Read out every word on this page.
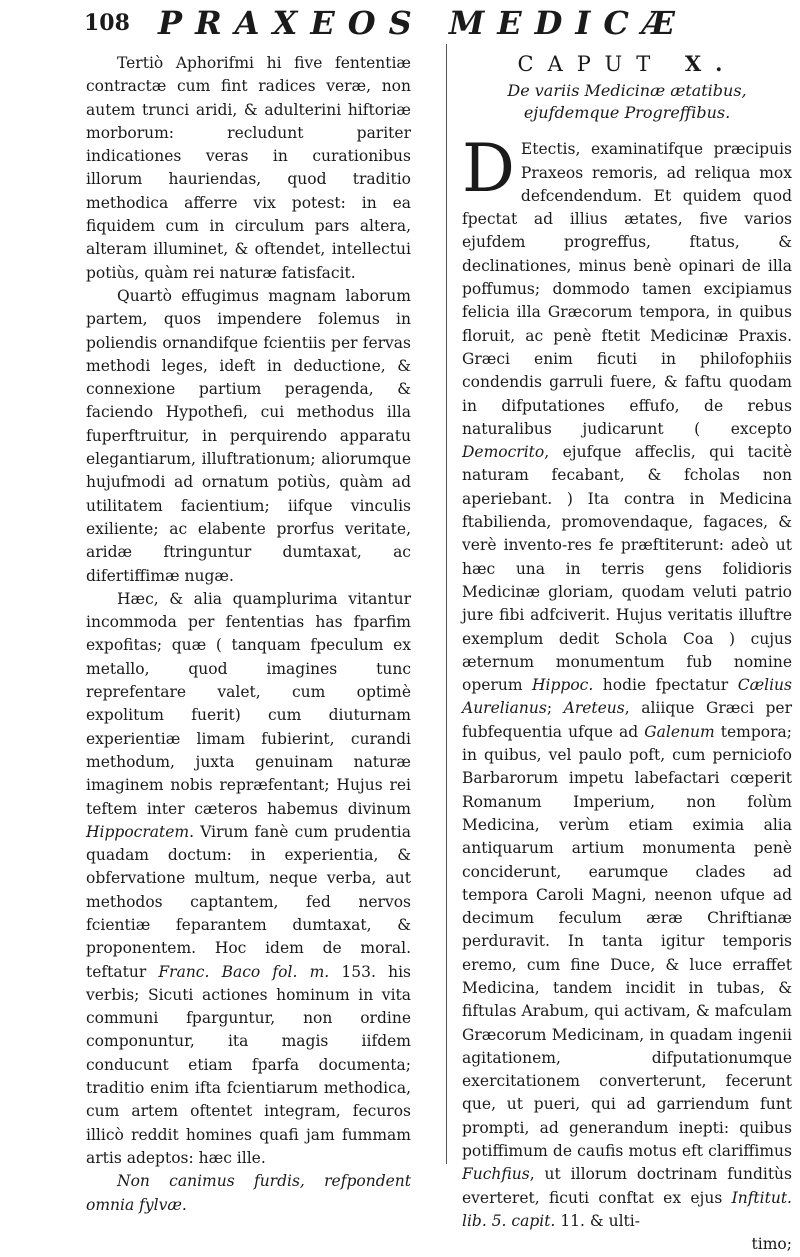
108 PRAXEOS MEDICÆ

Tertiò Aphorifmi hi five fententiæ contractæ cum fint radices veræ, non autem trunci aridi, & adulterini hiftoriæ morborum: recludunt pariter indicationes veras in curationibus illorum hauriendas, quod traditio methodica afferre vix potest: in ea fiquidem cum in circulum pars altera, alteram illuminet, & oftendet, intellectui potiùs, quàm rei naturæ fatisfacit.

Quartò effugimus magnam laborum partem, quos impendere folemus in poliendis ornandifque fcientiis per fervas methodi leges, ideft in deductione, & connexione partium peragenda, & faciendo Hypothefi, cui methodus illa fuperftruitur, in perquirendo apparatu elegantiarum, illuftrationum; aliorumque hujufmodi ad ornatum potiùs, quàm ad utilitatem facientium; iifque vinculis exiliente; ac elabente prorfus veritate, aridæ ftringuntur dumtaxat, ac difertiffimæ nugæ.

Hæc, & alia quamplurima vitantur incommoda per fententias has fparfim expofitas; quæ ( tanquam fpeculum ex metallo, quod imagines tunc reprefentare valet, cum optimè expolitum fuerit) cum diuturnam experientiæ limam fubierint, curandi methodum, juxta genuinam naturæ imaginem nobis repræfentant; Hujus rei teftem inter cæteros habemus divinum Hippocratem. Virum fanè cum prudentia quadam doctum: in experientia, & obfervatione multum, neque verba, aut methodos captantem, fed nervos fcientiæ feparantem dumtaxat, & proponentem. Hoc idem de moral. teftatur Franc. Baco fol. m. 153. his verbis; Sicuti actiones hominum in vita communi fparguntur, non ordine componuntur, ita magis iifdem conducunt etiam fparfa documenta; traditio enim ifta fcientiarum methodica, cum artem oftentet integram, fecuros illicò reddit homines quafi jam fummam artis adeptos: hæc ille.

Non canimus furdis, refpondent omnia fylvæ.

CAPUT X.
De variis Medicinæ ætatibus, ejufdemque Progreffibus.

D Etectis, examinatifque præcipuis Praxeos remoris, ad reliqua mox defcendendum. Et quidem quod fpectat ad illius ætates, five varios ejufdem progreffus, ftatus, & declinationes, minus benè opinari de illa poffumus; dommodo tamen excipiamus felicia illa Græcorum tempora, in quibus floruit, ac penè ftetit Medicinæ Praxis. Græci enim ficuti in philofophiis condendis garruli fuere, & faftu quodam in difputationes effufo, de rebus naturalibus judicarunt ( excepto Democrito, ejufque affeclis, qui tacitè naturam fecabant, & fcholas non aperiebant. ) Ita contra in Medicina ftabilienda, promovendaque, fagaces, & verè invento-res fe præftiterunt: adeò ut hæc una in terris gens folidioris Medicinæ gloriam, quodam veluti patrio jure fibi adfciverit. Hujus veritatis illuftre exemplum dedit Schola Coa ) cujus æternum monumentum fub nomine operum Hippoc. hodie fpectatur Cælius Aurelianus; Areteus, aliique Græci per fubfequentia ufque ad Galenum tempora; in quibus, vel paulo poft, cum perniciofo Barbarorum impetu labefactari cœperit Romanum Imperium, non folùm Medicina, verùm etiam eximia alia antiquarum artium monumenta penè conciderunt, earumque clades ad tempora Caroli Magni, neenon ufque ad decimum feculum æræ Chriftianæ perduravit. In tanta igitur temporis eremo, cum fine Duce, & luce erraffet Medicina, tandem incidit in tubas, & fiftulas Arabum, qui activam, & mafculam Græcorum Medicinam, in quadam ingenii agitationem, difputationumque exercitationem converterunt, fecerunt que, ut pueri, qui ad garriendum funt prompti, ad generandum inepti: quibus potiffimum de caufis motus eft clariffimus Fuchfius, ut illorum doctrinam funditùs everteret, ficuti conftat ex ejus Inftitut. lib. 5. capit. 11. & ulti-

timo;
